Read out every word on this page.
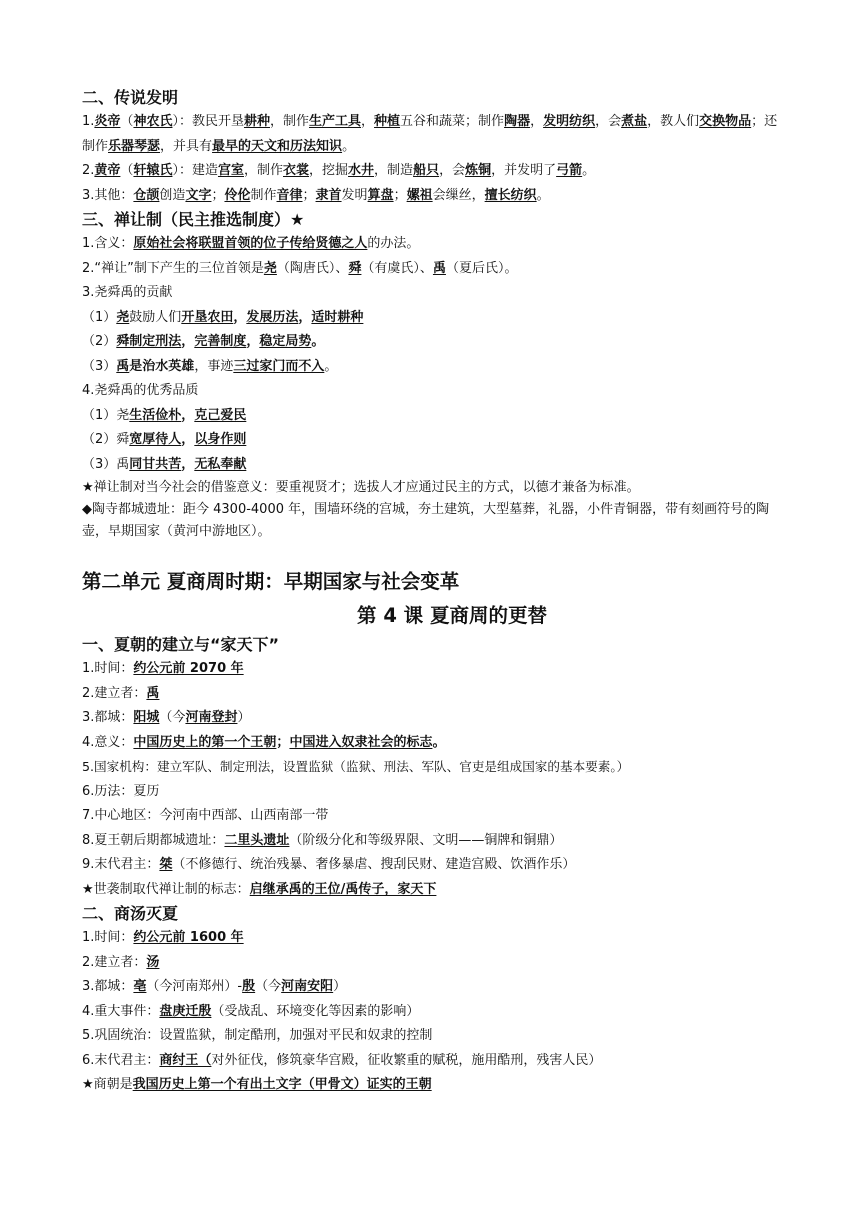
二、传说发明
1.炎帝（神农氏）：教民开垦耕种，制作生产工具，种植五谷和蔬菜；制作陶器，发明纺织，会煮盐，教人们交换物品；还制作乐器琴瑟，并具有最早的天文和历法知识。
2.黄帝（轩辕氏）：建造宫室，制作衣裳，挖掘水井，制造船只，会炼铜，并发明了弓箭。
3.其他：仓颉创造文字；伶伦制作音律；隶首发明算盘；嫘祖会缫丝，擅长纺织。
三、禅让制（民主推选制度）★
1.含义：原始社会将联盟首领的位子传给贤德之人的办法。
2.“禅让”制下产生的三位首领是尧（陶唐氏）、舜（有虞氏）、禹（夏后氏）。
3.尧舜禹的贡献
（1）尧鼓励人们开垦农田，发展历法，适时耕种
（2）舜制定刑法，完善制度，稳定局势。
（3）禹是治水英雄，事迹三过家门而不入。
4.尧舜禹的优秀品质
（1）尧生活俭朴，克己爱民
（2）舜宽厚待人，以身作则
（3）禹同甘共苦，无私奉献
★禅让制对当今社会的借鉴意义：要重视贤才；选拔人才应通过民主的方式，以德才兼备为标准。
◆陶寺都城遗址：距今 4300-4000 年，围墙环绕的宫城，夯土建筑，大型墓葬，礼器，小件青铜器，带有刻画符号的陶壶，早期国家（黄河中游地区）。
第二单元 夏商周时期：早期国家与社会变革
第 4 课 夏商周的更替
一、夏朝的建立与“家天下”
1.时间：约公元前 2070 年
2.建立者：禹
3.都城：阳城（今河南登封）
4.意义：中国历史上的第一个王朝；中国进入奴隶社会的标志。
5.国家机构：建立军队、制定刑法，设置监狱（监狱、刑法、军队、官吏是组成国家的基本要素。）
6.历法：夏历
7.中心地区：今河南中西部、山西南部一带
8.夏王朝后期都城遗址：二里头遗址（阶级分化和等级界限、文明——铜牌和铜鼎）
9.末代君主：桀（不修德行、统治残暴、奢侈暴虐、搜刮民财、建造宫殿、饮酒作乐）
★世袭制取代禅让制的标志：启继承禹的王位/禹传子，家天下
二、商汤灭夏
1.时间：约公元前 1600 年
2.建立者：汤
3.都城：亳（今河南郑州）-殷（今河南安阳）
4.重大事件：盘庚迁殷（受战乱、环境变化等因素的影响）
5.巩固统治：设置监狱，制定酷刑，加强对平民和奴隶的控制
6.末代君主：商纣王（对外征伐，修筑豪华宫殿，征收繁重的赋税，施用酷刑，残害人民）
★商朝是我国历史上第一个有出土文字（甲骨文）证实的王朝
